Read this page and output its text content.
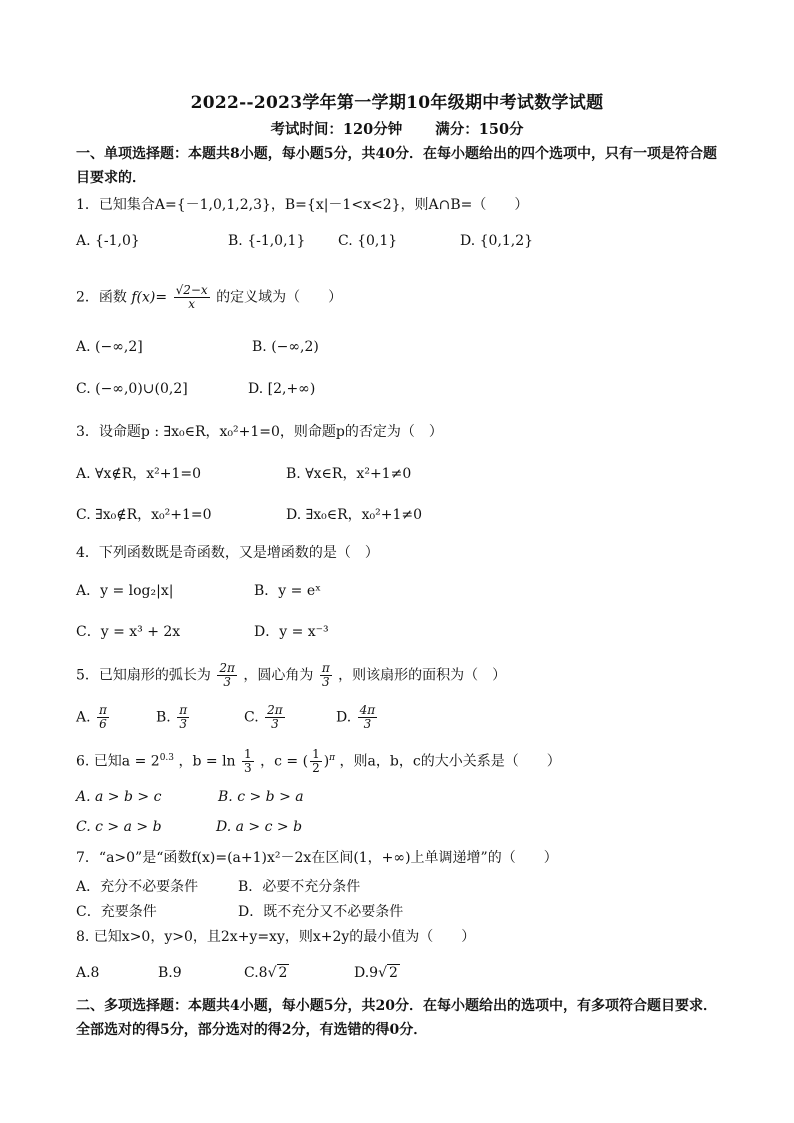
2022--2023学年第一学期10年级期中考试数学试题
考试时间：120分钟 满分：150分
一、单项选择题：本题共8小题，每小题5分，共40分．在每小题给出的四个选项中，只有一项是符合题目要求的．
1．已知集合A={－1,0,1,2,3}，B={x|－1<x<2}，则A∩B=（　　）
A. {-1,0}	B. {-1,0,1} C. {0,1}	D. {0,1,2}
2．函数 $f(x)= \frac{√2-x}{x}$ 的定义域为（　　）
A. (−∞,2]	B. (−∞,2)
C. (−∞,0)∪(0,2]	D. [2,+∞)
3．设命题p : ∃x₀∈R，x₀²+1=0，则命题p的否定为（　）
A. ∀x∉R，x²+1=0	B. ∀x∈R，x²+1≠0
C. ∃x₀∉R，x₀²+1=0	D. ∃x₀∈R，x₀²+1≠0
4．下列函数既是奇函数，又是增函数的是（　）
A．y = log₂|x|	B．y = eˣ
C．y = x³ + 2x	D．y = x⁻³
5．已知扇形的弧长为 $\frac{2\pi}{3}$ ，圆心角为 $\frac{\pi}{3}$ ，则该扇形的面积为（　）
A. $\frac{\pi}{6}$	B. $\frac{\pi}{3}$	C. $\frac{2\pi}{3}$	D. $\frac{4\pi}{3}$
6. 已知$a = 2^{0.3}$ ，$b = \ln \frac{1}{3}$ ，c = ( $\frac{1}{2} )^\pi$ ，则a，b，c的大小关系是（　　）
A. a > b > c	B. c > b > a
C. c > a > b	D. a > c > b
7．“a>0”是“函数f(x)=(a+1)x²－2x在区间(1，+∞)上单调递增”的（　　）
A．充分不必要条件	B．必要不充分条件
C．充要条件	D．既不充分又不必要条件
8. 已知x>0，y>0，且2x+y=xy，则x+2y的最小值为（　　）
A.8	B.9	C.8√ 2	D.9√ 2
二、多项选择题：本题共4小题，每小题5分，共20分．在每小题给出的选项中，有多项符合题目要求．全部选对的得5分，部分选对的得2分，有选错的得0分．
